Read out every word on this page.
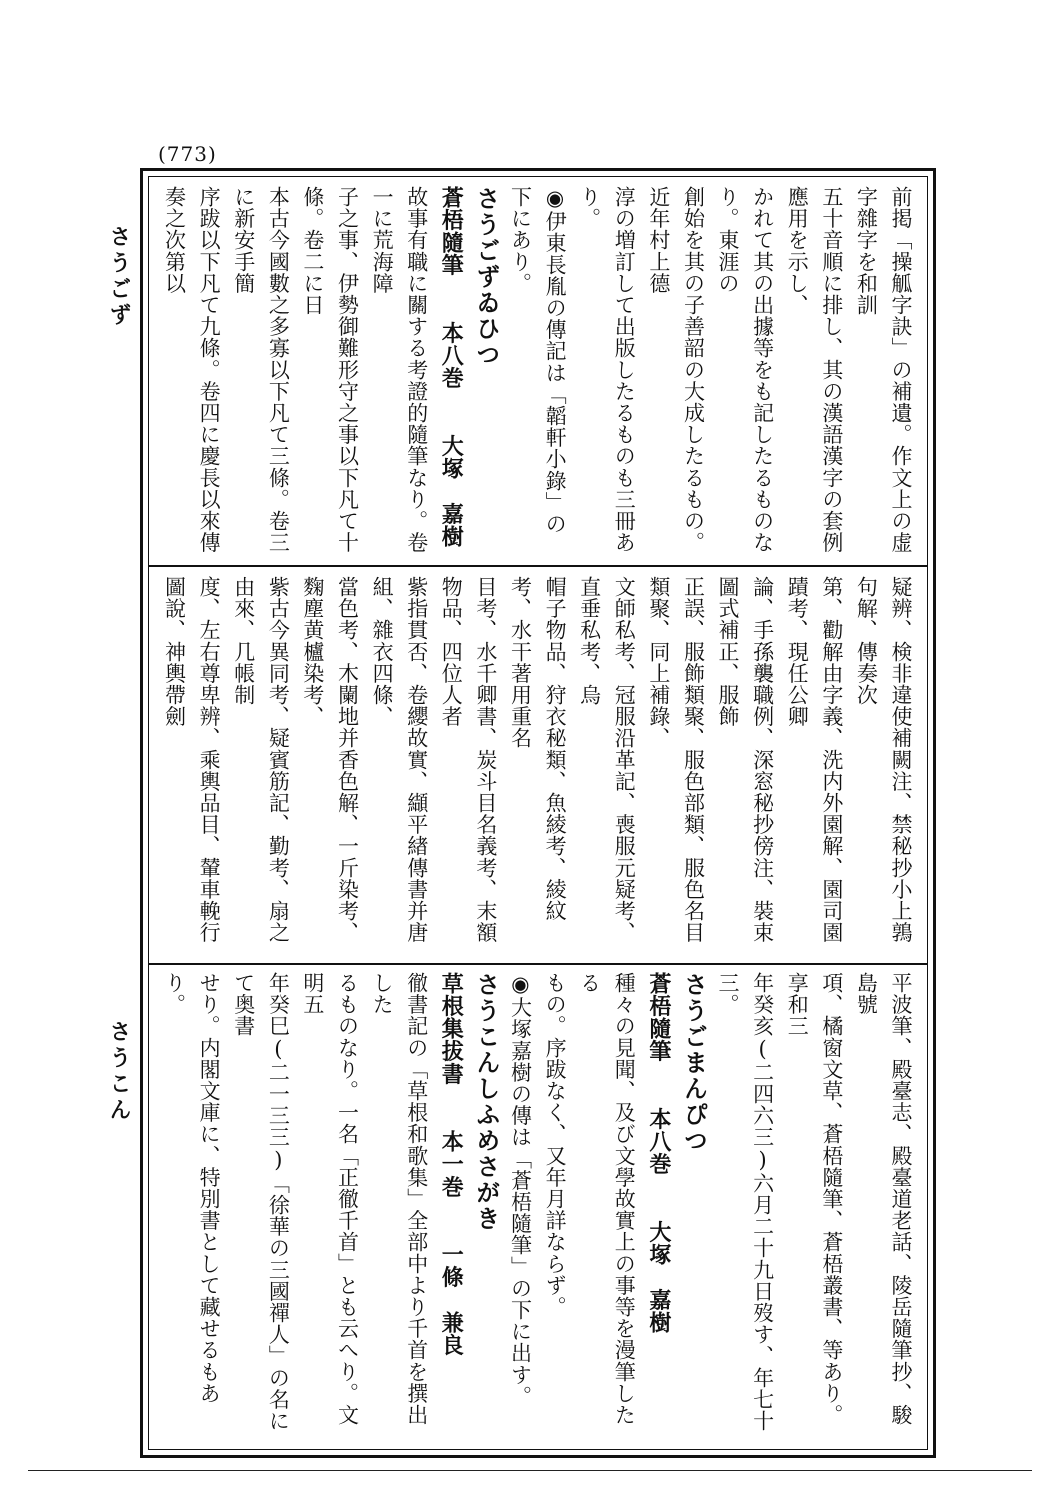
(773)
さうごず
さうこん

前掲「操觚字訣」の補遺。作文上の虚字雜字を和訓

五十音順に排し、其の漢語漢字の套例應用を示し、

かれて其の出據等をも記したるものなり。東涯の

創始を其の子善韶の大成したるもの。近年村上德

淳の増訂して出版したるものも三冊あり。

◉伊東長胤の傳記は「韜軒小錄」の下にあり。

さうごずゐひつ

蒼梧隨筆　　本八巻　　大塚　嘉樹

故事有職に關する考證的隨筆なり。卷一に荒海障

子之事、伊勢御難形守之事以下凡て十條。卷二に日

本古今國數之多寡以下凡て三條。卷三に新安手簡

序跋以下凡て九條。卷四に慶長以來傳奏之次第以

疑辨、検非違使補闕注、禁秘抄小上鶉句解、傳奏次

第、勸解由字義、洗内外園解、園司園蹟考、現任公卿

論、手孫襲職例、深窓秘抄傍注、裝束圖式補正、服飾

正誤、服飾類聚、服色部類、服色名目類聚、同上補錄、

文師私考、冠服沿革記、喪服元疑考、直垂私考、烏

帽子物品、狩衣秘類、魚綾考、綾紋考、水干著用重名

目考、水千卿書、炭斗目名義考、末額物品、四位人者

紫指貫否、卷纓故實、纈平緖傳書并唐組、雜衣四條、

當色考、木闌地并香色解、一斤染考、麴塵黄櫨染考、

紫古今異同考、疑賓筋記、勤考、扇之由來、几帳制

度、左右尊卑辨、乘輿品目、輦車輓行圖說、神輿帶劍

平波筆、殿臺志、殿臺道老話、陵岳隨筆抄、駿島號

項、橘窗文草、蒼梧隨筆、蒼梧叢書、等あり。享和三

年癸亥(二四六三)六月二十九日歿す、年七十三。

さうごまんぴつ

蒼梧隨筆　　本八巻　　大塚　嘉樹

種々の見聞、及び文學故實上の事等を漫筆したる

もの。序跋なく、又年月詳ならず。

◉大塚嘉樹の傳は「蒼梧隨筆」の下に出す。

さうこんしふめさがき

草根集拔書　　本一巻　　一條　兼良

徹書記の「草根和歌集」全部中より千首を撰出した

るものなり。一名「正徹千首」とも云へり。文明五

年癸巳(二一三三)「徐華の三國禪人」の名にて奥書

せり。内閣文庫に、特別書として藏せるもあり。
